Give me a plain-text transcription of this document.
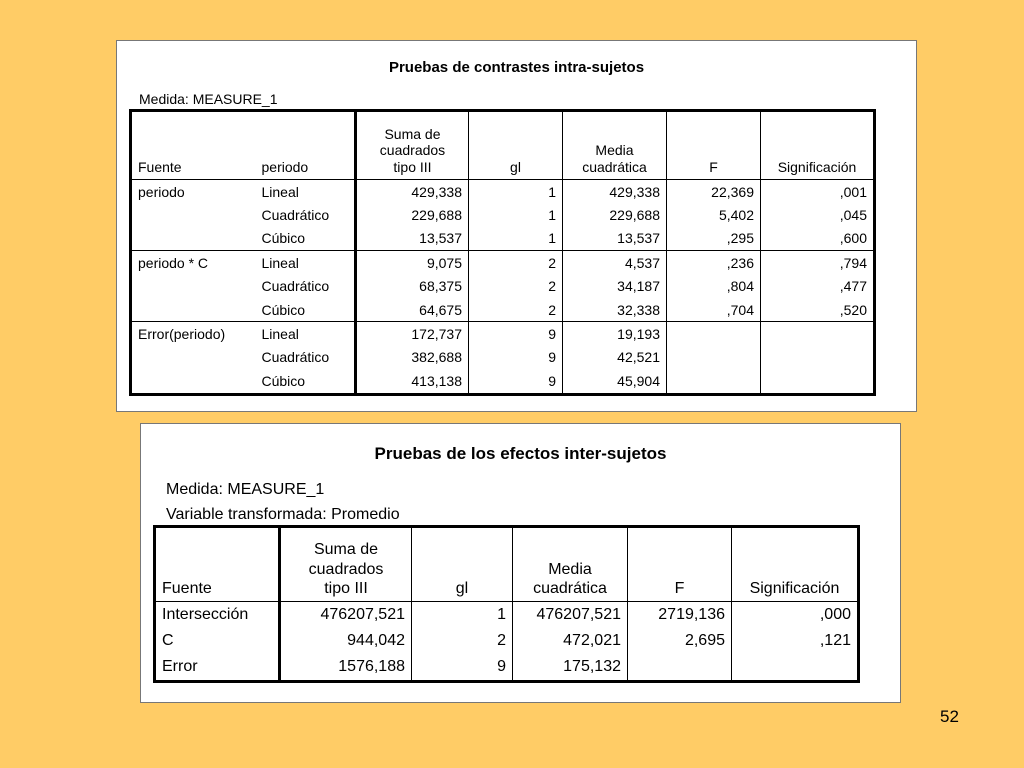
Pruebas de contrastes intra-sujetos
Medida: MEASURE_1
Fuente	periodo	Suma de
cuadrados
tipo III	gl	Media
cuadrática	F	Significación
periodo	Lineal	429,338	1	429,338	22,369	,001
	Cuadrático	229,688	1	229,688	5,402	,045
	Cúbico	13,537	1	13,537	,295	,600
periodo * C	Lineal	9,075	2	4,537	,236	,794
	Cuadrático	68,375	2	34,187	,804	,477
	Cúbico	64,675	2	32,338	,704	,520
Error(periodo)	Lineal	172,737	9	19,193		
	Cuadrático	382,688	9	42,521		
	Cúbico	413,138	9	45,904		
Pruebas de los efectos inter-sujetos
Medida: MEASURE_1
Variable transformada: Promedio
Fuente	Suma de
cuadrados
tipo III	gl	Media
cuadrática	F	Significación
Intersección	476207,521	1	476207,521	2719,136	,000
C	944,042	2	472,021	2,695	,121
Error	1576,188	9	175,132		
52
